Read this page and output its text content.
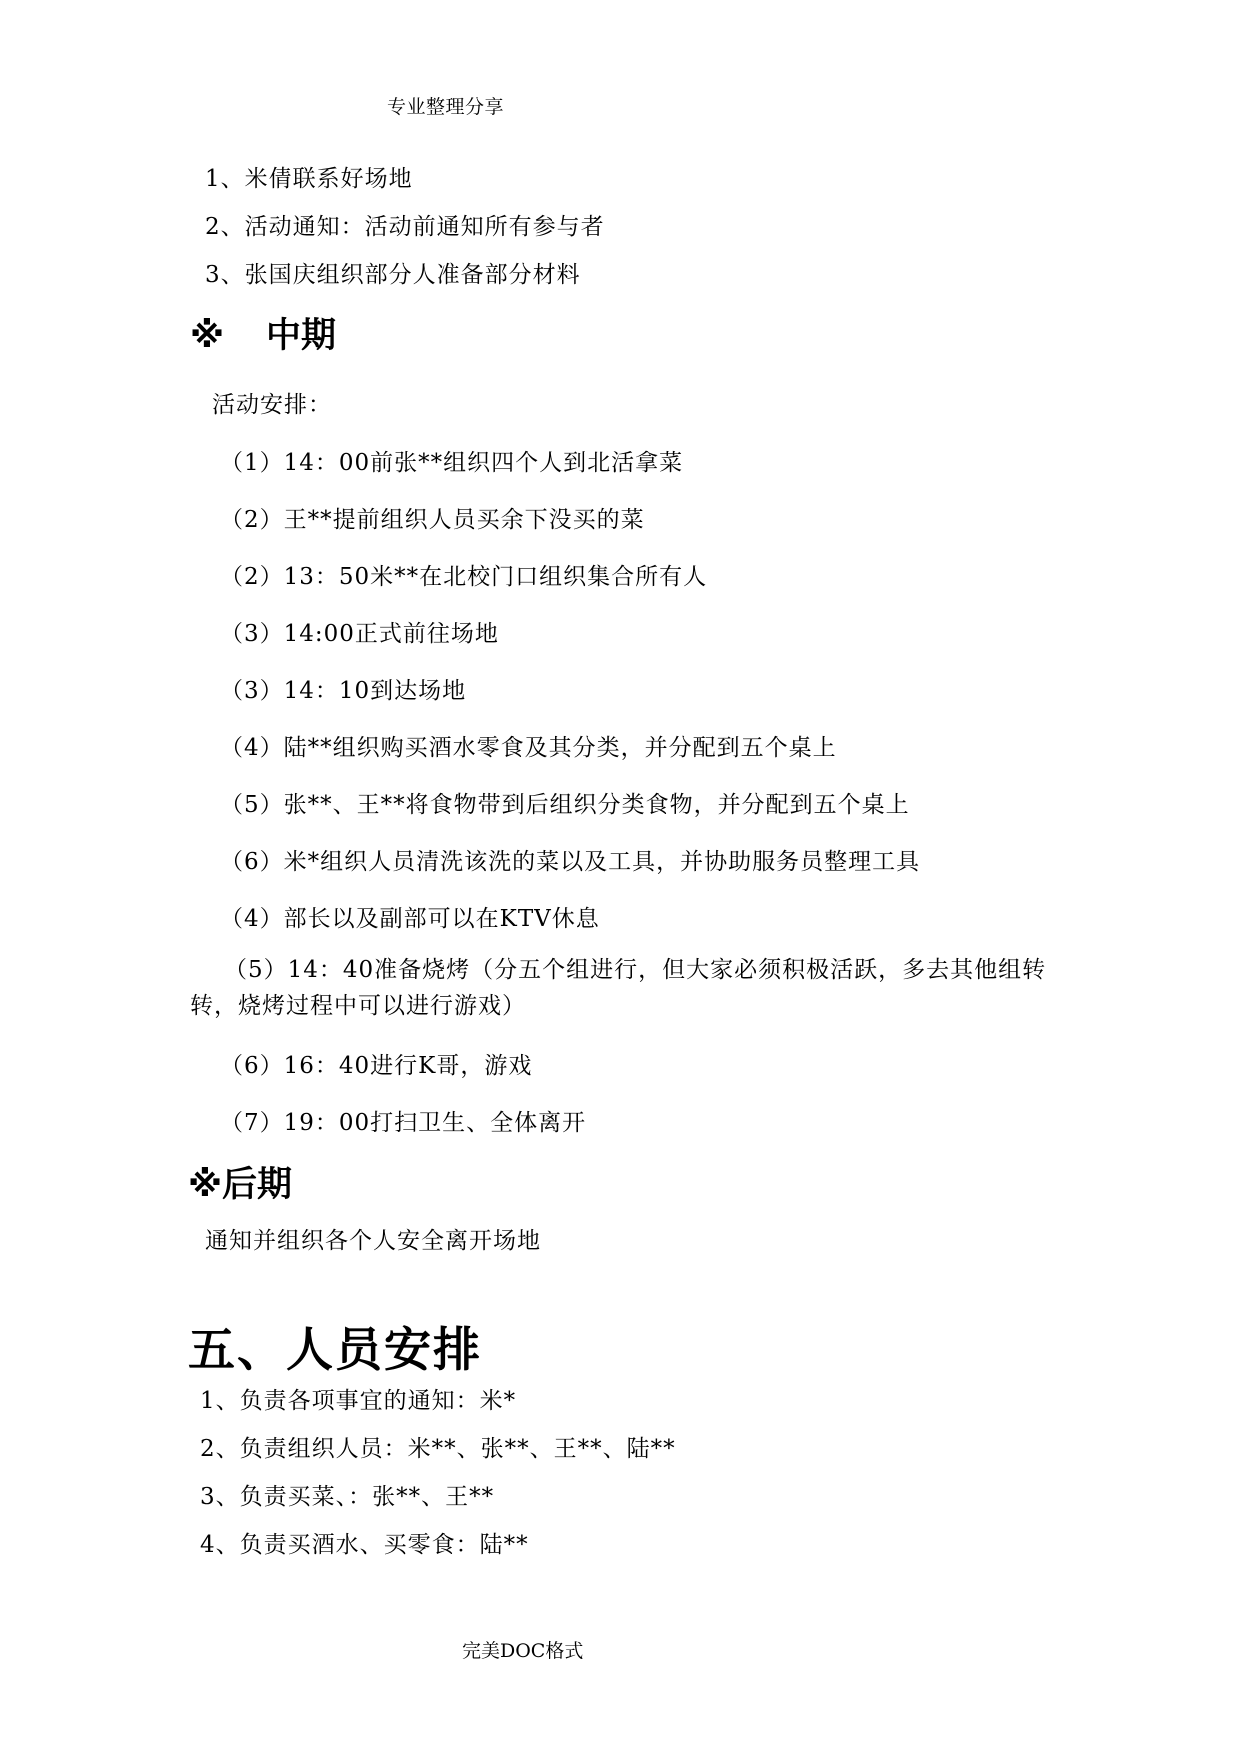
专业整理分享
1、米倩联系好场地
2、活动通知：活动前通知所有参与者
3、张国庆组织部分人准备部分材料
※ 中期
活动安排：
（1）14：00前张**组织四个人到北活拿菜
（2）王**提前组织人员买余下没买的菜
（2）13：50米**在北校门口组织集合所有人
（3）14:00正式前往场地
（3）14：10到达场地
（4）陆**组织购买酒水零食及其分类，并分配到五个桌上
（5）张**、王**将食物带到后组织分类食物，并分配到五个桌上
（6）米*组织人员清洗该洗的菜以及工具，并协助服务员整理工具
（4）部长以及副部可以在KTV休息
（5）14：40准备烧烤（分五个组进行，但大家必须积极活跃，多去其他组转转，烧烤过程中可以进行游戏）
（6）16：40进行K哥，游戏
（7）19：00打扫卫生、全体离开
※后期
通知并组织各个人安全离开场地
五、人员安排
1、负责各项事宜的通知：米*
2、负责组织人员：米**、张**、王**、陆**
3、负责买菜、：张**、王**
4、负责买酒水、买零食：陆**
完美DOC格式
